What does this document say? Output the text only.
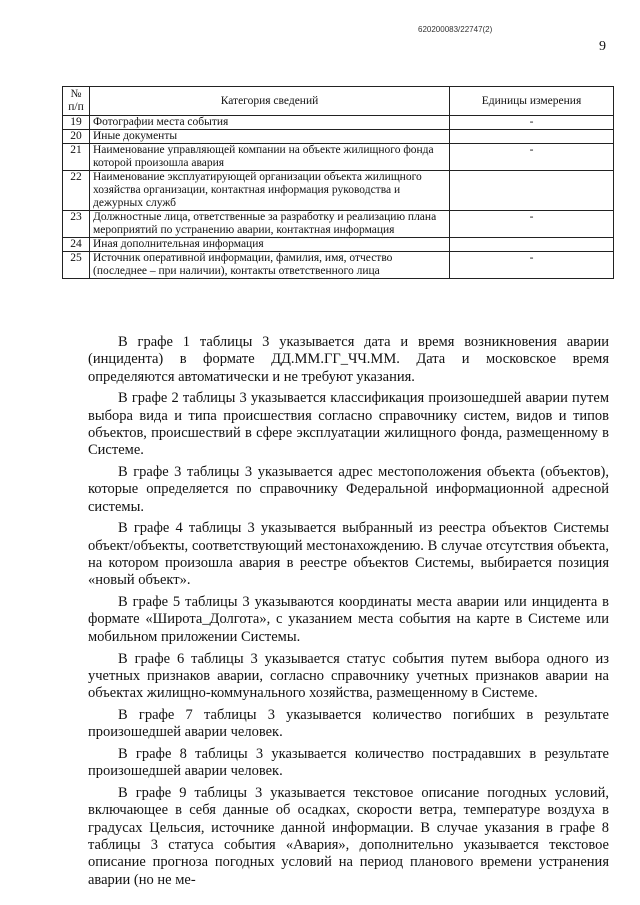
620200083/22747(2)
9
№ п/п	Категория сведений	Единицы измерения
19	Фотографии места события	-
20	Иные документы	
21	Наименование управляющей компании на объекте жилищного фонда которой произошла авария	-
22	Наименование эксплуатирующей организации объекта жилищного хозяйства организации, контактная информация руководства и дежурных служб	
23	Должностные лица, ответственные за разработку и реализацию плана мероприятий по устранению аварии, контактная информация	-
24	Иная дополнительная информация	
25	Источник оперативной информации, фамилия, имя, отчество (последнее – при наличии), контакты ответственного лица	-

В графе 1 таблицы 3 указывается дата и время возникновения аварии (инцидента) в формате ДД.ММ.ГГ_ЧЧ.ММ. Дата и московское время определяются автоматически и не требуют указания.

В графе 2 таблицы 3 указывается классификация произошедшей аварии путем выбора вида и типа происшествия согласно справочнику систем, видов и типов объектов, происшествий в сфере эксплуатации жилищного фонда, размещенному в Системе.

В графе 3 таблицы 3 указывается адрес местоположения объекта (объектов), которые определяется по справочнику Федеральной информационной адресной системы.

В графе 4 таблицы 3 указывается выбранный из реестра объектов Системы объект/объекты, соответствующий местонахождению. В случае отсутствия объекта, на котором произошла авария в реестре объектов Системы, выбирается позиция «новый объект».

В графе 5 таблицы 3 указываются координаты места аварии или инцидента в формате «Широта_Долгота», с указанием места события на карте в Системе или мобильном приложении Системы.

В графе 6 таблицы 3 указывается статус события путем выбора одного из учетных признаков аварии, согласно справочнику учетных признаков аварии на объектах жилищно-коммунального хозяйства, размещенному в Системе.

В графе 7 таблицы 3 указывается количество погибших в результате произошедшей аварии человек.

В графе 8 таблицы 3 указывается количество пострадавших в результате произошедшей аварии человек.

В графе 9 таблицы 3 указывается текстовое описание погодных условий, включающее в себя данные об осадках, скорости ветра, температуре воздуха в градусах Цельсия, источнике данной информации. В случае указания в графе 8 таблицы 3 статуса события «Авария», дополнительно указывается текстовое описание прогноза погодных условий на период планового времени устранения аварии (но не ме-
